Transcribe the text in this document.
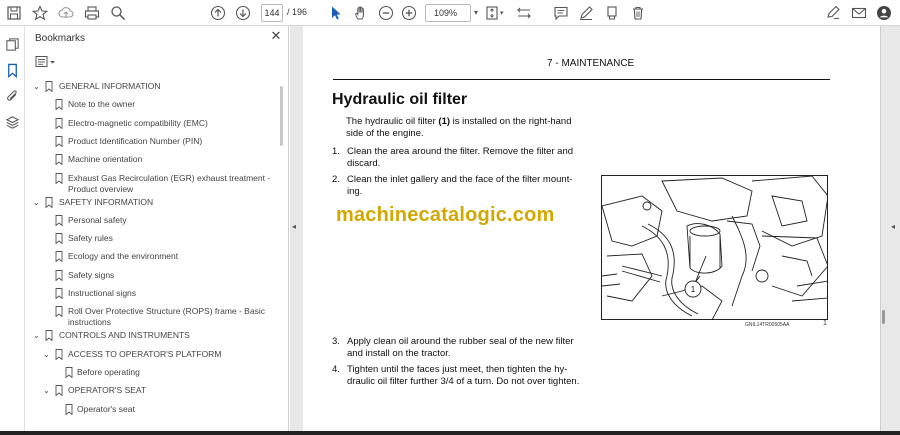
144 / 196	109%	▾	▾
Bookmarks	✕
⌄ GENERAL INFORMATION
Note to the owner
Electro-magnetic compatibility (EMC)
Product Identification Number (PIN)
Machine orientation
Exhaust Gas Recirculation (EGR) exhaust treatment -
Product overview
⌄ SAFETY INFORMATION
Personal safety
Safety rules
Ecology and the environment
Safety signs
Instructional signs
Roll Over Protective Structure (ROPS) frame - Basic
instructions
⌄ CONTROLS AND INSTRUMENTS
⌄ ACCESS TO OPERATOR'S PLATFORM
Before operating
⌄ OPERATOR'S SEAT
Operator's seat
7 - MAINTENANCE
Hydraulic oil filter
The hydraulic oil filter (1) is installed on the right-hand
side of the engine.
1. Clean the area around the filter. Remove the filter and
discard.
2. Clean the inlet gallery and the face of the filter mount-
ing.
machinecatalogic.com
1
GNIL14TR00505AA	1
3. Apply clean oil around the rubber seal of the new filter
and install on the tractor.
4. Tighten until the faces just meet, then tighten the hy-
draulic oil filter further 3/4 of a turn. Do not over tighten.
◂	◂
